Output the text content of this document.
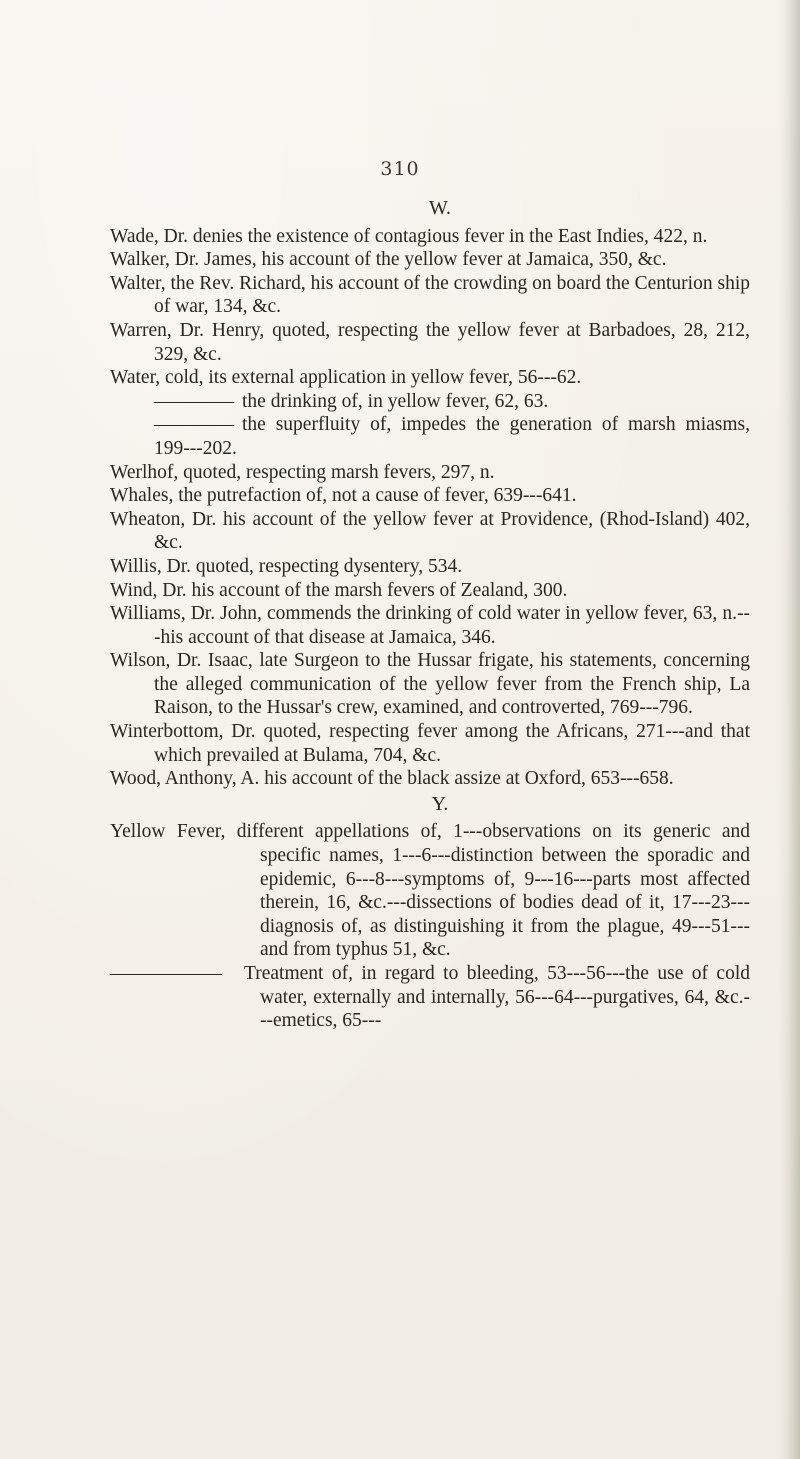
310
W.

Wade, Dr. denies the existence of contagious fever in the East Indies, 422, n.

Walker, Dr. James, his account of the yellow fever at Jamaica, 350, &c.

Walter, the Rev. Richard, his account of the crowding on board the Centurion ship of war, 134, &c.

Warren, Dr. Henry, quoted, respecting the yellow fever at Barbadoes, 28, 212, 329, &c.

Water, cold, its external application in yellow fever, 56---62.

the drinking of, in yellow fever, 62, 63.

the superfluity of, impedes the generation of marsh miasms, 199---202.

Werlhof, quoted, respecting marsh fevers, 297, n.

Whales, the putrefaction of, not a cause of fever, 639---641.

Wheaton, Dr. his account of the yellow fever at Providence, (Rhod-Island) 402, &c.

Willis, Dr. quoted, respecting dysentery, 534.

Wind, Dr. his account of the marsh fevers of Zealand, 300.

Williams, Dr. John, commends the drinking of cold water in yellow fever, 63, n.---his account of that disease at Jamaica, 346.

Wilson, Dr. Isaac, late Surgeon to the Hussar frigate, his statements, concerning the alleged communication of the yellow fever from the French ship, La Raison, to the Hussar's crew, examined, and controverted, 769---796.

Winterbottom, Dr. quoted, respecting fever among the Africans, 271---and that which prevailed at Bulama, 704, &c.

Wood, Anthony, A. his account of the black assize at Oxford, 653---658.

Y.

Yellow Fever, different appellations of, 1---observations on its generic and specific names, 1---6---distinction between the sporadic and epidemic, 6---8---symptoms of, 9---16---parts most affected therein, 16, &c.---dissections of bodies dead of it, 17---23---diagnosis of, as distinguishing it from the plague, 49---51---and from typhus 51, &c.

Treatment of, in regard to bleeding, 53---56---the use of cold water, externally and internally, 56---64---purgatives, 64, &c.---emetics, 65---
